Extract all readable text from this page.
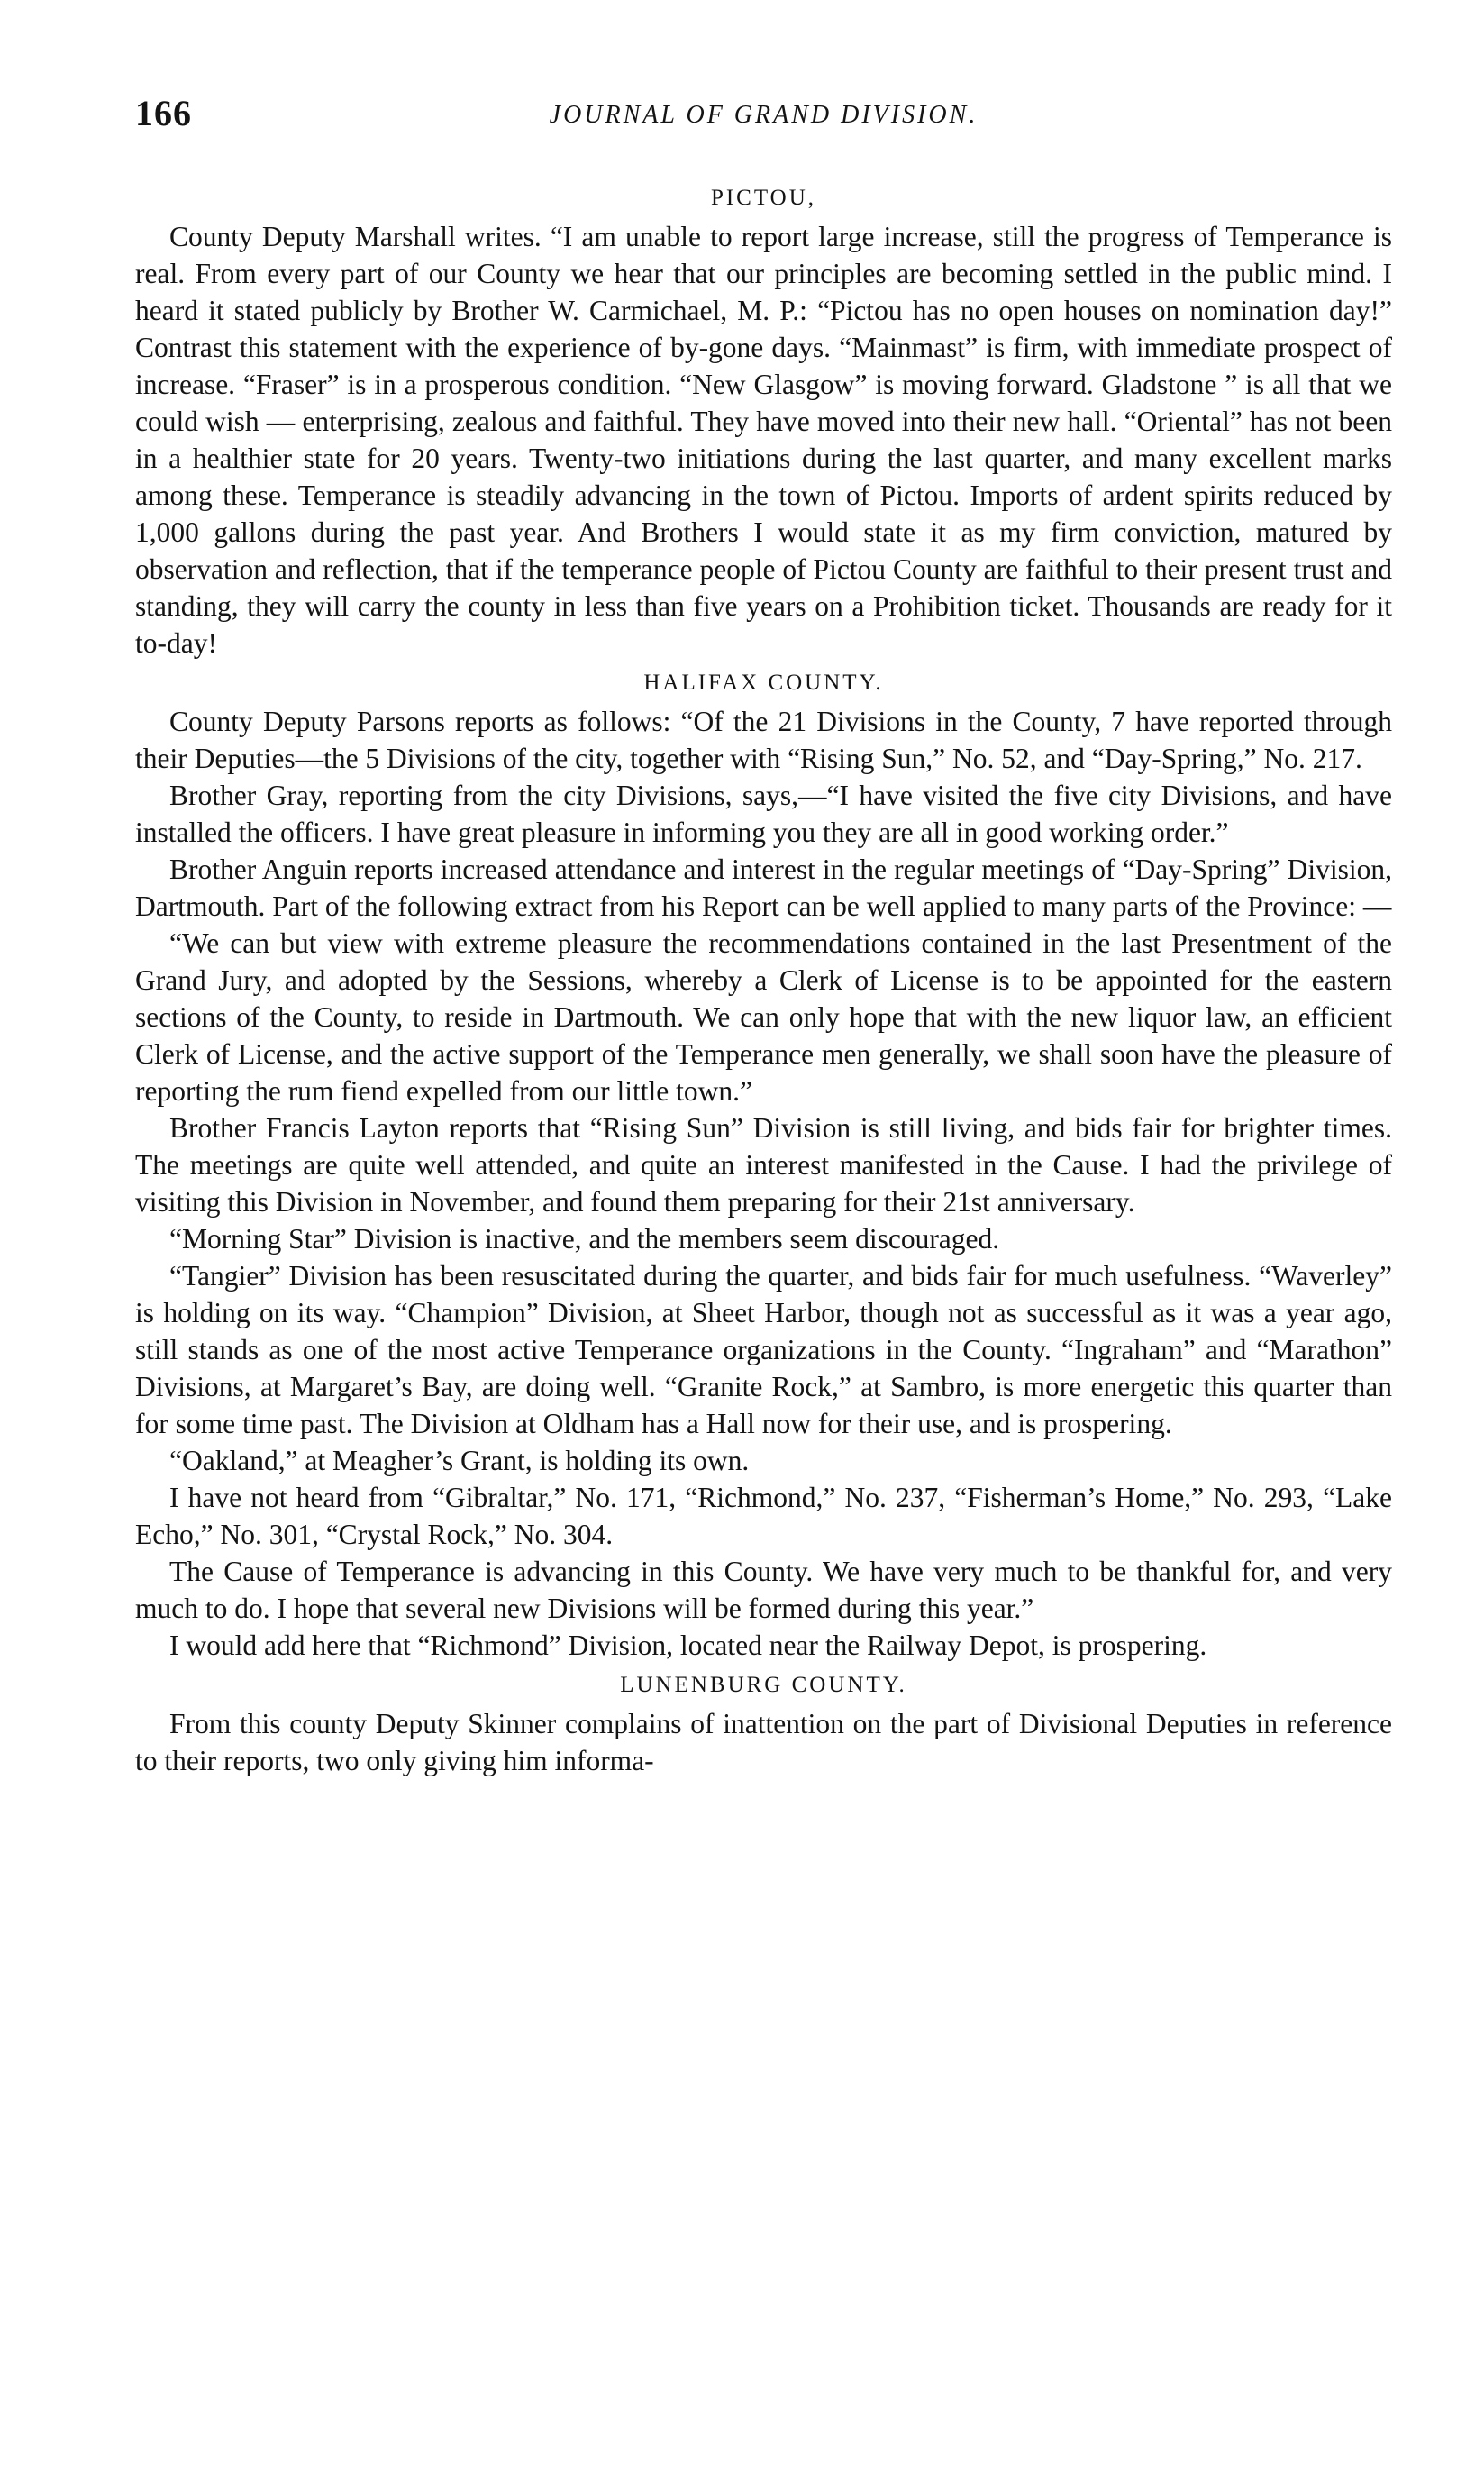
166	JOURNAL OF GRAND DIVISION.
PICTOU,

County Deputy Marshall writes. “I am unable to report large increase, still the progress of Temperance is real. From every part of our County we hear that our principles are becoming settled in the public mind. I heard it stated publicly by Brother W. Carmichael, M. P.: “Pictou has no open houses on nomination day!” Contrast this statement with the experience of by-gone days. “Mainmast” is firm, with immediate prospect of increase. “Fraser” is in a prosperous condition. “New Glasgow” is moving forward. Gladstone ” is all that we could wish — enterprising, zealous and faithful. They have moved into their new hall. “Oriental” has not been in a healthier state for 20 years. Twenty-two initiations during the last quarter, and many excellent marks among these. Temperance is steadily advancing in the town of Pictou. Imports of ardent spirits reduced by 1,000 gallons during the past year. And Brothers I would state it as my firm conviction, matured by observation and reflection, that if the temperance people of Pictou County are faithful to their present trust and standing, they will carry the county in less than five years on a Prohibition ticket. Thousands are ready for it to-day!

HALIFAX COUNTY.

County Deputy Parsons reports as follows: “Of the 21 Divisions in the County, 7 have reported through their Deputies—the 5 Divisions of the city, together with “Rising Sun,” No. 52, and “Day-Spring,” No. 217.

Brother Gray, reporting from the city Divisions, says,—“I have visited the five city Divisions, and have installed the officers. I have great pleasure in informing you they are all in good working order.”

Brother Anguin reports increased attendance and interest in the regular meetings of “Day-Spring” Division, Dartmouth. Part of the following extract from his Report can be well applied to many parts of the Province: —

“We can but view with extreme pleasure the recommendations contained in the last Presentment of the Grand Jury, and adopted by the Sessions, whereby a Clerk of License is to be appointed for the eastern sections of the County, to reside in Dartmouth. We can only hope that with the new liquor law, an efficient Clerk of License, and the active support of the Temperance men generally, we shall soon have the pleasure of reporting the rum fiend expelled from our little town.”

Brother Francis Layton reports that “Rising Sun” Division is still living, and bids fair for brighter times. The meetings are quite well attended, and quite an interest manifested in the Cause. I had the privilege of visiting this Division in November, and found them preparing for their 21st anniversary.

“Morning Star” Division is inactive, and the members seem discouraged.

“Tangier” Division has been resuscitated during the quarter, and bids fair for much usefulness. “Waverley” is holding on its way. “Champion” Division, at Sheet Harbor, though not as successful as it was a year ago, still stands as one of the most active Temperance organizations in the County. “Ingraham” and “Marathon” Divisions, at Margaret’s Bay, are doing well. “Granite Rock,” at Sambro, is more energetic this quarter than for some time past. The Division at Oldham has a Hall now for their use, and is prospering.

“Oakland,” at Meagher’s Grant, is holding its own.

I have not heard from “Gibraltar,” No. 171, “Richmond,” No. 237, “Fisherman’s Home,” No. 293, “Lake Echo,” No. 301, “Crystal Rock,” No. 304.

The Cause of Temperance is advancing in this County. We have very much to be thankful for, and very much to do. I hope that several new Divisions will be formed during this year.”

I would add here that “Richmond” Division, located near the Railway Depot, is prospering.

LUNENBURG COUNTY.

From this county Deputy Skinner complains of inattention on the part of Divisional Deputies in reference to their reports, two only giving him informa-
